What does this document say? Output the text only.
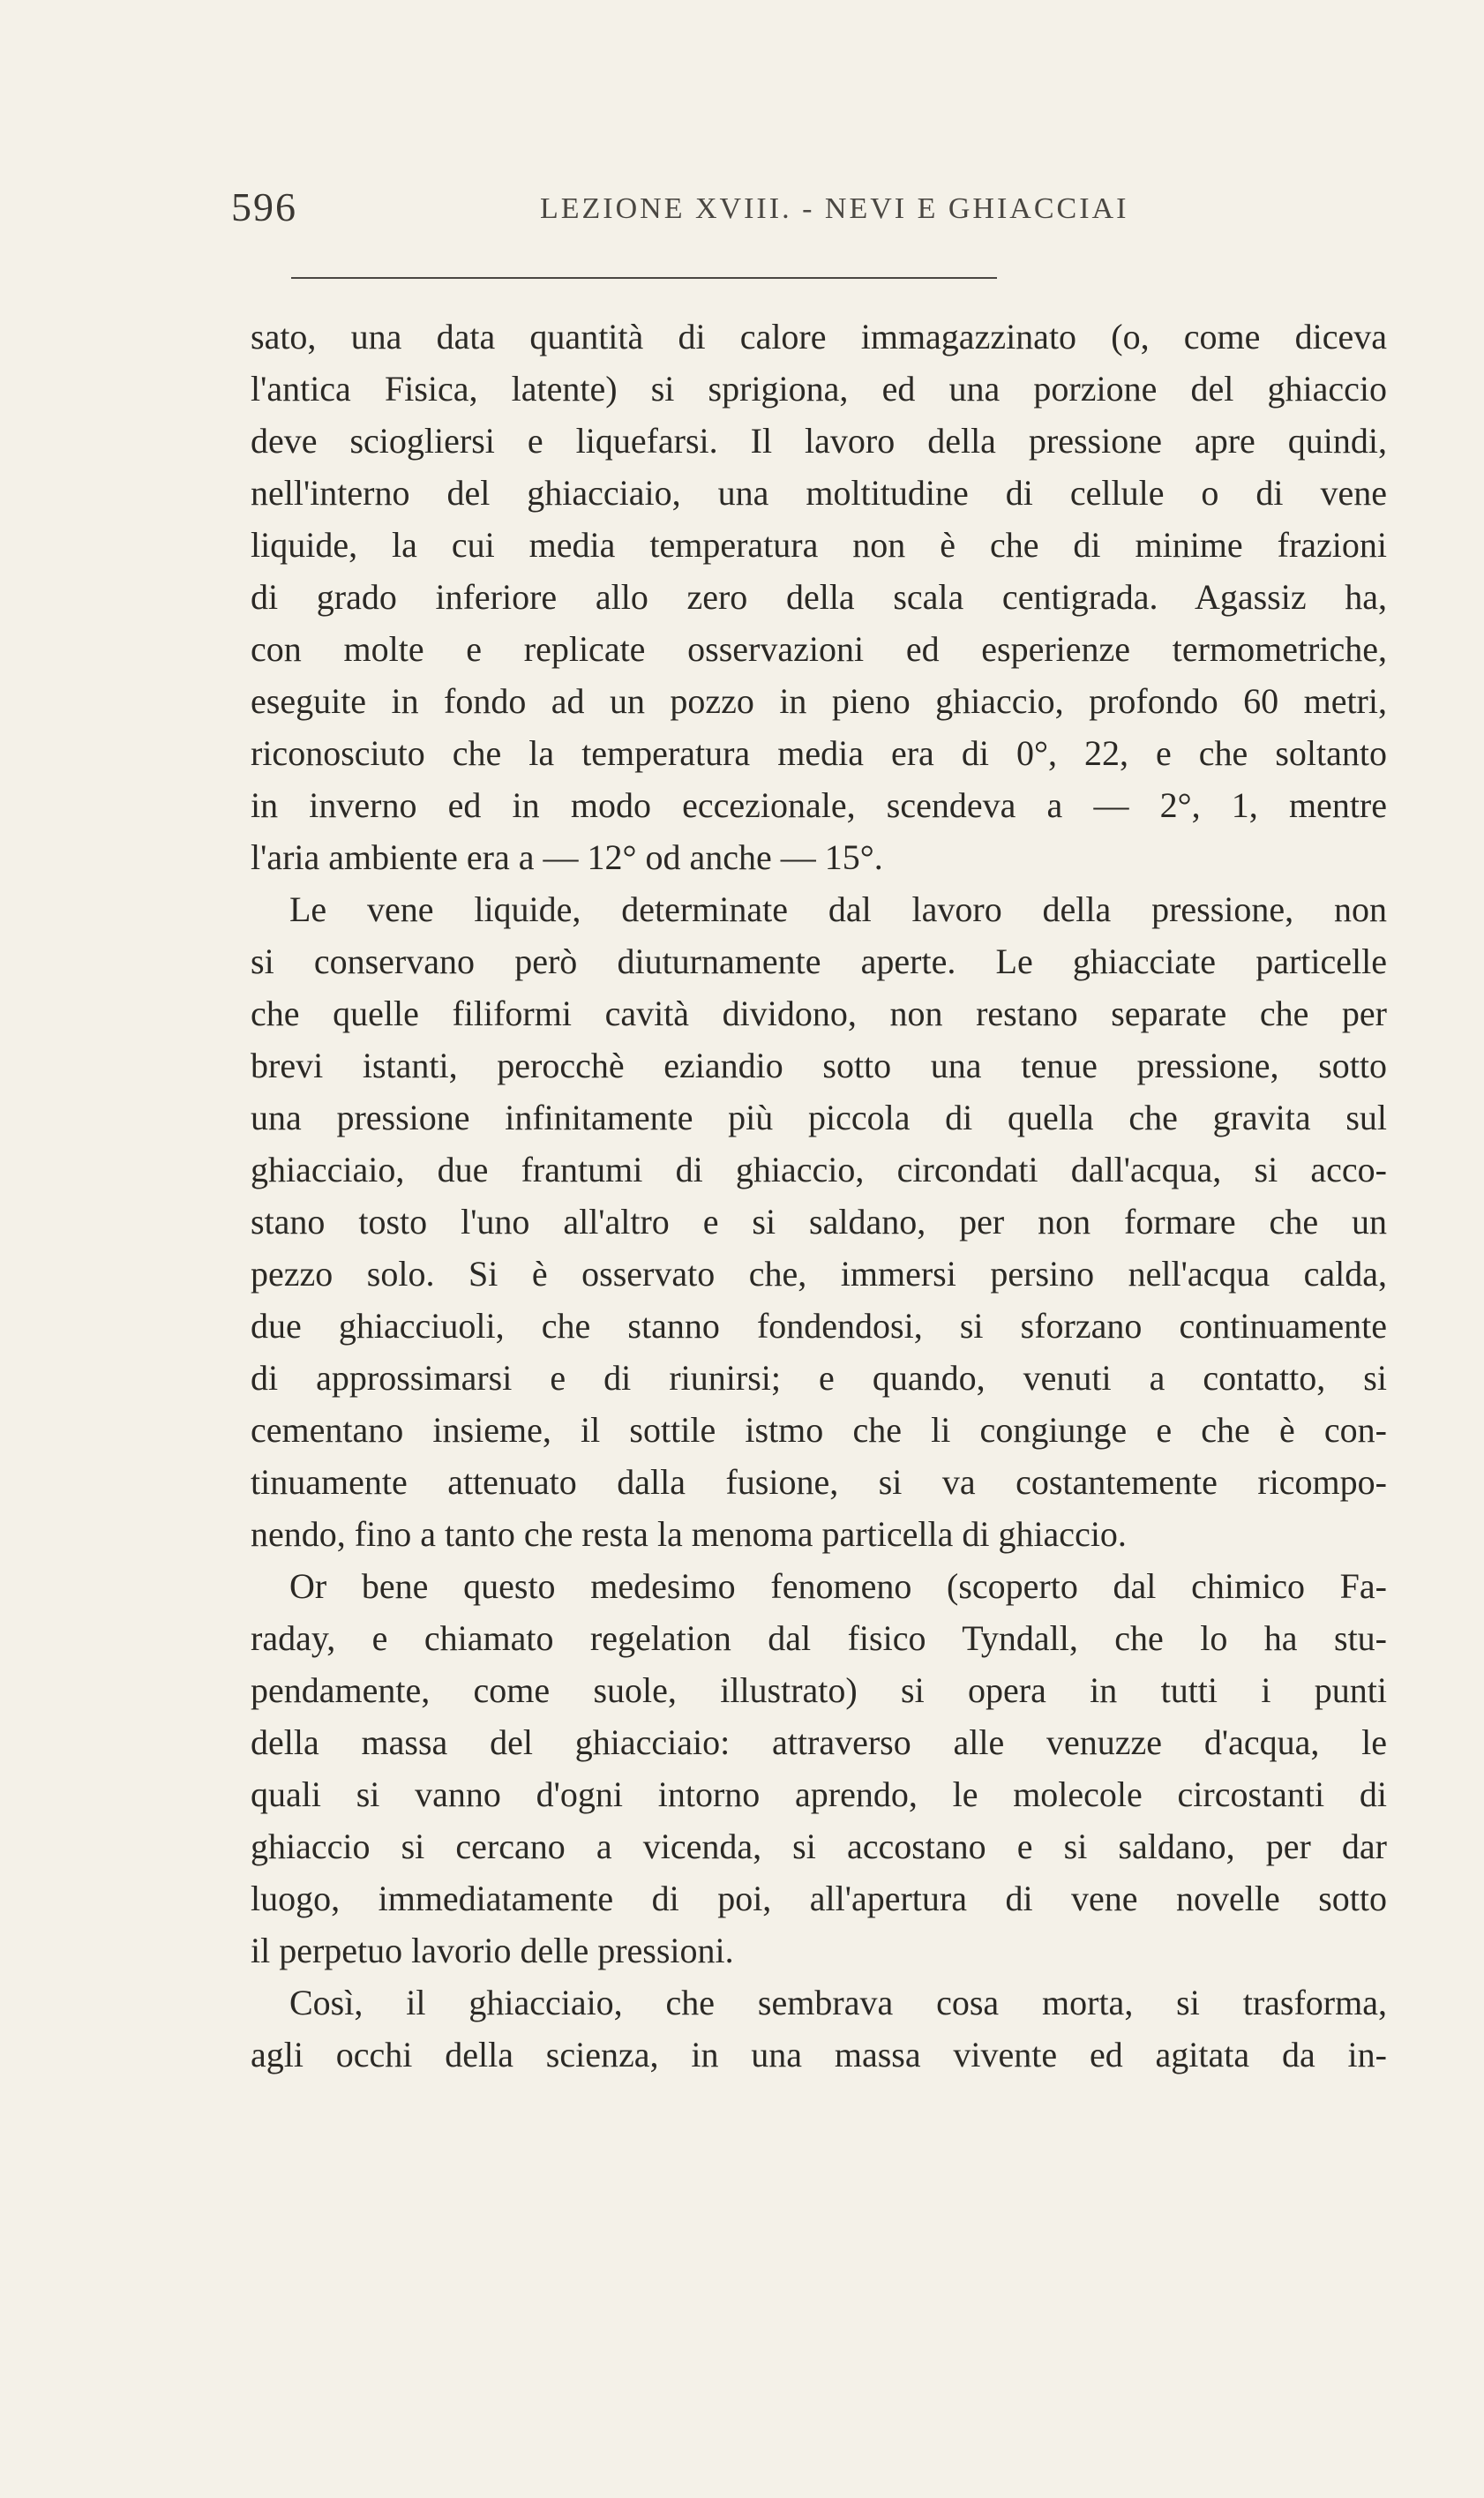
596	LEZIONE XVIII. - NEVI E GHIACCIAI
sato, una data quantità di calore immagazzinato (o, come diceva
l'antica Fisica, latente) si sprigiona, ed una porzione del ghiaccio
deve sciogliersi e liquefarsi. Il lavoro della pressione apre quindi,
nell'interno del ghiacciaio, una moltitudine di cellule o di vene
liquide, la cui media temperatura non è che di minime frazioni
di grado inferiore allo zero della scala centigrada. Agassiz ha,
con molte e replicate osservazioni ed esperienze termometriche,
eseguite in fondo ad un pozzo in pieno ghiaccio, profondo 60 metri,
riconosciuto che la temperatura media era di 0°, 22, e che soltanto
in inverno ed in modo eccezionale, scendeva a — 2°, 1, mentre
l'aria ambiente era a — 12° od anche — 15°.
Le vene liquide, determinate dal lavoro della pressione, non
si conservano però diuturnamente aperte. Le ghiacciate particelle
che quelle filiformi cavità dividono, non restano separate che per
brevi istanti, perocchè eziandio sotto una tenue pressione, sotto
una pressione infinitamente più piccola di quella che gravita sul
ghiacciaio, due frantumi di ghiaccio, circondati dall'acqua, si acco-
stano tosto l'uno all'altro e si saldano, per non formare che un
pezzo solo. Si è osservato che, immersi persino nell'acqua calda,
due ghiacciuoli, che stanno fondendosi, si sforzano continuamente
di approssimarsi e di riunirsi; e quando, venuti a contatto, si
cementano insieme, il sottile istmo che li congiunge e che è con-
tinuamente attenuato dalla fusione, si va costantemente ricompo-
nendo, fino a tanto che resta la menoma particella di ghiaccio.
Or bene questo medesimo fenomeno (scoperto dal chimico Fa-
raday, e chiamato regelation dal fisico Tyndall, che lo ha stu-
pendamente, come suole, illustrato) si opera in tutti i punti
della massa del ghiacciaio: attraverso alle venuzze d'acqua, le
quali si vanno d'ogni intorno aprendo, le molecole circostanti di
ghiaccio si cercano a vicenda, si accostano e si saldano, per dar
luogo, immediatamente di poi, all'apertura di vene novelle sotto
il perpetuo lavorio delle pressioni.
Così, il ghiacciaio, che sembrava cosa morta, si trasforma,
agli occhi della scienza, in una massa vivente ed agitata da in-
